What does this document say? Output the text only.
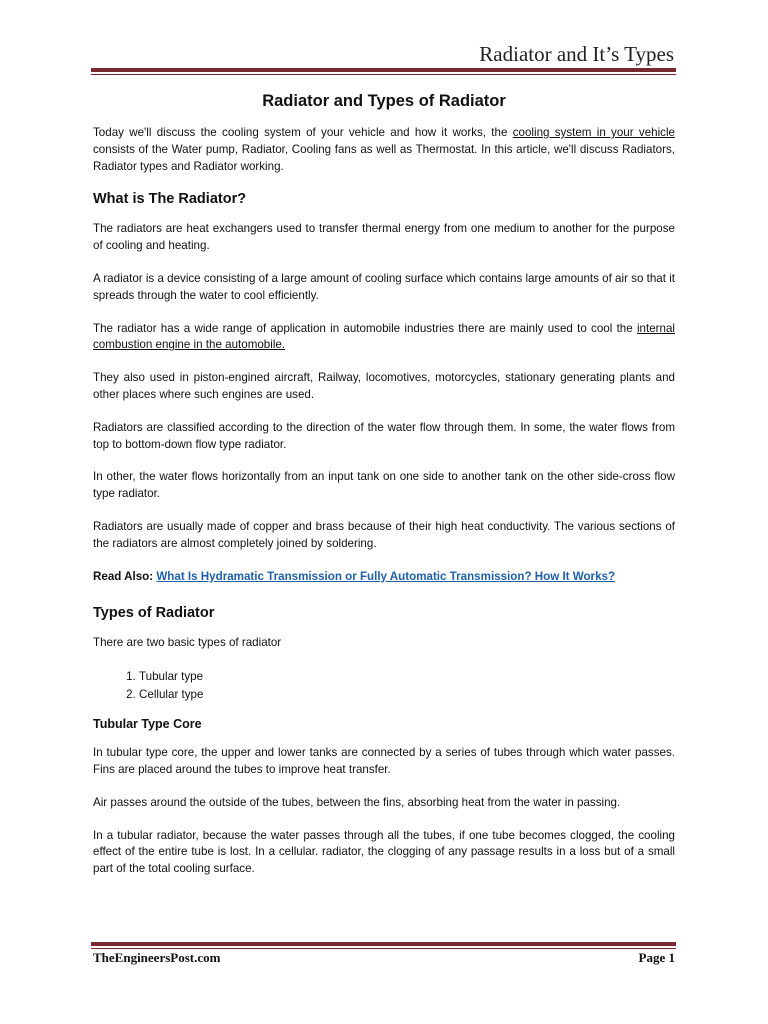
Radiator and It’s Types
Radiator and Types of Radiator

Today we'll discuss the cooling system of your vehicle and how it works, the cooling system in your vehicle consists of the Water pump, Radiator, Cooling fans as well as Thermostat. In this article, we'll discuss Radiators, Radiator types and Radiator working.

What is The Radiator?

The radiators are heat exchangers used to transfer thermal energy from one medium to another for the purpose of cooling and heating.

A radiator is a device consisting of a large amount of cooling surface which contains large amounts of air so that it spreads through the water to cool efficiently.

The radiator has a wide range of application in automobile industries there are mainly used to cool the internal combustion engine in the automobile.

They also used in piston-engined aircraft, Railway, locomotives, motorcycles, stationary generating plants and other places where such engines are used.

Radiators are classified according to the direction of the water flow through them. In some, the water flows from top to bottom-down flow type radiator.

In other, the water flows horizontally from an input tank on one side to another tank on the other side-cross flow type radiator.

Radiators are usually made of copper and brass because of their high heat conductivity. The various sections of the radiators are almost completely joined by soldering.

Read Also: What Is Hydramatic Transmission or Fully Automatic Transmission? How It Works?

Types of Radiator

There are two basic types of radiator

1. Tubular type
2. Cellular type
Tubular Type Core

In tubular type core, the upper and lower tanks are connected by a series of tubes through which water passes. Fins are placed around the tubes to improve heat transfer.

Air passes around the outside of the tubes, between the fins, absorbing heat from the water in passing.

In a tubular radiator, because the water passes through all the tubes, if one tube becomes clogged, the cooling effect of the entire tube is lost. In a cellular. radiator, the clogging of any passage results in a loss but of a small part of the total cooling surface.

TheEngineersPost.com	Page 1
